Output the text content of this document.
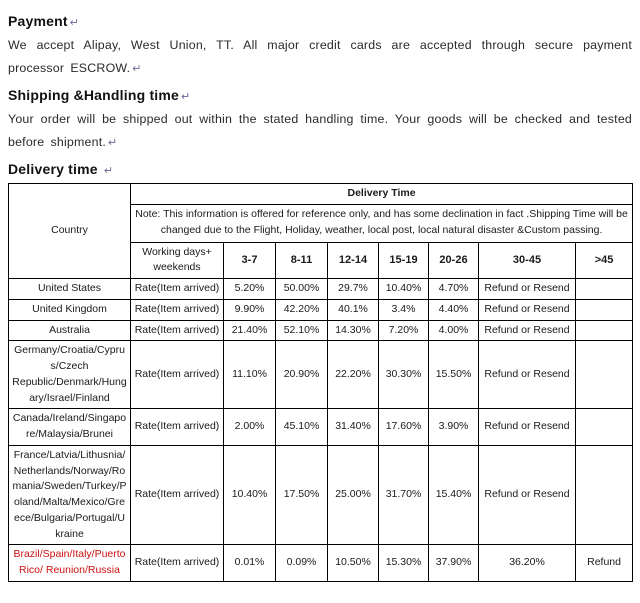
Payment ↵

We accept Alipay, West Union, TT. All major credit cards are accepted through secure payment processor ESCROW. ↵

Shipping &Handling time ↵

Your order will be shipped out within the stated handling time. Your goods will be checked and tested before shipment. ↵

Delivery time ↵
Country	Delivery Time							
	Note: This information is offered for reference only, and has some declination in fact .Shipping Time will be changed due to the Flight, Holiday, weather, local post, local natural disaster &Custom passing.							
	Working days+ weekends	3-7	8-11	12-14	15-19	20-26	30-45	>45
United States	Rate(Item arrived)	5.20%	50.00%	29.7%	10.40%	4.70%	Refund or Resend	
United Kingdom	Rate(Item arrived)	9.90%	42.20%	40.1%	3.4%	4.40%	Refund or Resend	
Australia	Rate(Item arrived)	21.40%	52.10%	14.30%	7.20%	4.00%	Refund or Resend	
Germany/Croatia/Cyprus/Czech Republic/Denmark/Hungary/Israel/Finland	Rate(Item arrived)	11.10%	20.90%	22.20%	30.30%	15.50%	Refund or Resend	
Canada/Ireland/Singapore/Malaysia/Brunei	Rate(Item arrived)	2.00%	45.10%	31.40%	17.60%	3.90%	Refund or Resend	
France/Latvia/Lithusnia/Netherlands/Norway/Romania/Sweden/Turkey/Poland/Malta/Mexico/Greece/Bulgaria/Portugal/Ukraine	Rate(Item arrived)	10.40%	17.50%	25.00%	31.70%	15.40%	Refund or Resend	
Brazil/Spain/Italy/Puerto Rico/ Reunion/Russia	Rate(Item arrived)	0.01%	0.09%	10.50%	15.30%	37.90%	36.20%	Refund
